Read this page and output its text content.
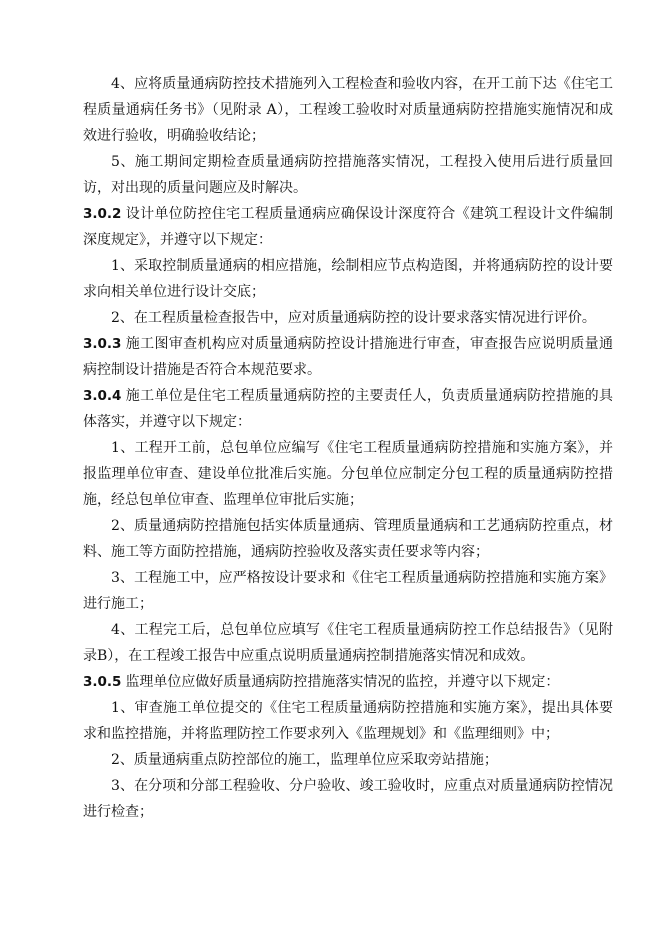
4、应将质量通病防控技术措施列入工程检查和验收内容，在开工前下达《住宅工程质量通病任务书》（见附录 A），工程竣工验收时对质量通病防控措施实施情况和成效进行验收，明确验收结论；

5、施工期间定期检查质量通病防控措施落实情况，工程投入使用后进行质量回访，对出现的质量问题应及时解决。

3.0.2 设计单位防控住宅工程质量通病应确保设计深度符合《建筑工程设计文件编制深度规定》，并遵守以下规定：

1、采取控制质量通病的相应措施，绘制相应节点构造图，并将通病防控的设计要求向相关单位进行设计交底；

2、在工程质量检查报告中，应对质量通病防控的设计要求落实情况进行评价。

3.0.3 施工图审查机构应对质量通病防控设计措施进行审查，审查报告应说明质量通病控制设计措施是否符合本规范要求。

3.0.4 施工单位是住宅工程质量通病防控的主要责任人，负责质量通病防控措施的具体落实，并遵守以下规定：

1、工程开工前，总包单位应编写《住宅工程质量通病防控措施和实施方案》，并报监理单位审查、建设单位批准后实施。分包单位应制定分包工程的质量通病防控措施，经总包单位审查、监理单位审批后实施；

2、质量通病防控措施包括实体质量通病、管理质量通病和工艺通病防控重点，材料、施工等方面防控措施，通病防控验收及落实责任要求等内容；

3、工程施工中，应严格按设计要求和《住宅工程质量通病防控措施和实施方案》进行施工；

4、工程完工后，总包单位应填写《住宅工程质量通病防控工作总结报告》（见附录B），在工程竣工报告中应重点说明质量通病控制措施落实情况和成效。

3.0.5 监理单位应做好质量通病防控措施落实情况的监控，并遵守以下规定：

1、审查施工单位提交的《住宅工程质量通病防控措施和实施方案》，提出具体要求和监控措施，并将监理防控工作要求列入《监理规划》和《监理细则》中；

2、质量通病重点防控部位的施工，监理单位应采取旁站措施；

3、在分项和分部工程验收、分户验收、竣工验收时，应重点对质量通病防控情况进行检查；
